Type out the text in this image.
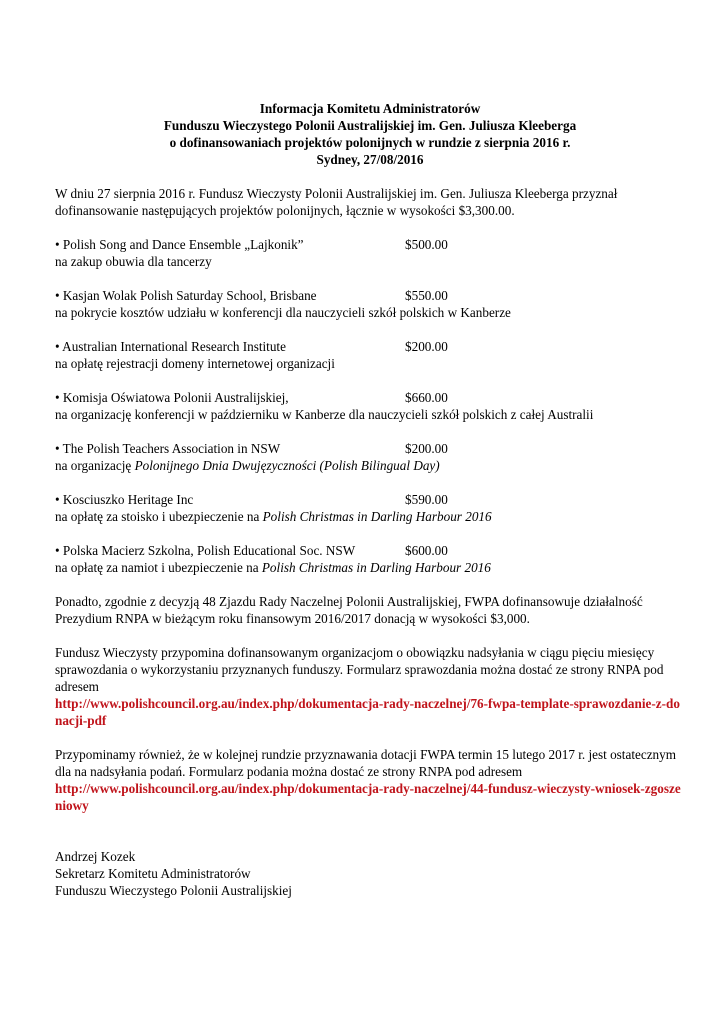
Informacja Komitetu Administratorów
Funduszu Wieczystego Polonii Australijskiej im. Gen. Juliusza Kleeberga
o dofinansowaniach projektów polonijnych w rundzie z sierpnia 2016 r.
Sydney, 27/08/2016

W dniu 27 sierpnia 2016 r. Fundusz Wieczysty Polonii Australijskiej im. Gen. Juliusza Kleeberga przyznał dofinansowanie następujących projektów polonijnych, łącznie w wysokości $3,300.00.

• Polish Song and Dance Ensemble „Lajkonik”	$500.00
na zakup obuwia dla tancerzy
• Kasjan Wolak Polish Saturday School, Brisbane	$550.00
na pokrycie kosztów udziału w konferencji dla nauczycieli szkół polskich w Kanberze
• Australian International Research Institute	$200.00
na opłatę rejestracji domeny internetowej organizacji
• Komisja Oświatowa Polonii Australijskiej,	$660.00
na organizację konferencji w październiku w Kanberze dla nauczycieli szkół polskich z całej Australii
• The Polish Teachers Association in NSW	$200.00
na organizację Polonijnego Dnia Dwujęzyczności (Polish Bilingual Day)
• Kosciuszko Heritage Inc	$590.00
na opłatę za stoisko i ubezpieczenie na Polish Christmas in Darling Harbour 2016
• Polska Macierz Szkolna, Polish Educational Soc. NSW	$600.00
na opłatę za namiot i ubezpieczenie na Polish Christmas in Darling Harbour 2016

Ponadto, zgodnie z decyzją 48 Zjazdu Rady Naczelnej Polonii Australijskiej, FWPA dofinansowuje działalność Prezydium RNPA w bieżącym roku finansowym 2016/2017 donacją w wysokości $3,000.

Fundusz Wieczysty przypomina dofinansowanym organizacjom o obowiązku nadsyłania w ciągu pięciu miesięcy sprawozdania o wykorzystaniu przyznanych funduszy. Formularz sprawozdania można dostać ze strony RNPA pod adresem
http://www.polishcouncil.org.au/index.php/dokumentacja-rady-naczelnej/76-fwpa-template-sprawozdanie-z-donacji-pdf

Przypominamy również, że w kolejnej rundzie przyznawania dotacji FWPA termin 15 lutego 2017 r. jest ostatecznym dla na nadsyłania podań. Formularz podania można dostać ze strony RNPA pod adresem
http://www.polishcouncil.org.au/index.php/dokumentacja-rady-naczelnej/44-fundusz-wieczysty-wniosek-zgoszeniowy

Andrzej Kozek
Sekretarz Komitetu Administratorów
Funduszu Wieczystego Polonii Australijskiej
